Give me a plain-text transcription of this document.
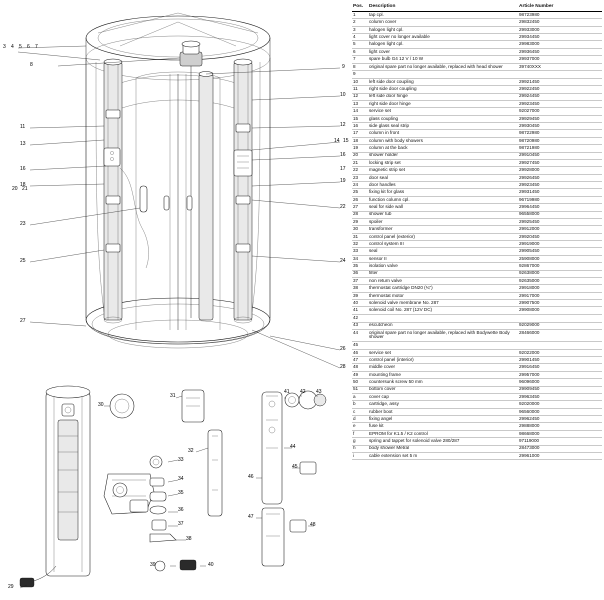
3 4 5 6 7
8
11
13
16
18
20 21
23
25
27
9
10
12
14 15
16
17
19
22
24
26
28
29
30
31
32
33
34
35
36
37
38
39	40
41 42 43
44
45
46
47
48
Pos.	Description	Article Number
1	tap cpl.	98723980
2	column cover	29832450
3	halogen light cpl.	29933000
4	light cover no longer available	29934450
5	halogen light cpl.	29983000
6	light cover	29936450
7	spare bulb G4 12 V / 10 W	29937000
8	original spare part no longer available, replaced with head shower	39740XXX
9		
10	left side door coupling	29921450
11	right side door coupling	29922450
12	left side door hinge	29924450
13	right side door hinge	29923450
14	service set	92027000
15	glass coupling	29929450
16	side glass seal strip	29930450
17	column in front	98722980
18	column with body showers	98720980
19	column at the back	98721980
20	shower holder	29910450
21	locking strip set	29927450
22	magnetic strip set	29928000
23	door seal	29926450
24	door handles	29923450
25	fixing kit for glass	29931450
26	function column cpl.	96719980
27	seal for side wall	29964450
28	shower tub	96558000
29	spoiler	29925450
30	transformer	29912000
31	control panel (exterior)	29920450
32	control system III	29919000
33	seal	29905450
34	sensor II	25908000
35	isolation valve	92867000
36	filter	92638000
37	non return valve	92635000
38	thermostat cartridge DN20 (¾")	29918000
39	thermostat motor	29917000
40	solenoid valve membrane No. 287	29907500
41	solenoid coil No. 287 (12V DC)	29908000
42		
43	escutcheon	92029000
44	original spare part no longer available, replaced with Bodywette Body shower	28466000
45		
46	service set	92022000
47	control panel (interior)	29901450
48	middle cover	29916450
49	mounting frame	29957000
50	countersunk screw 50 mm	96096000
51	bottom cover	29909450
a	cover cap	29963450
b	cartridge, assy	92020000
c	rubber boot	96560000
d	fixing angel	29962450
e	fuse kit	29888000
f	EPROM for K1.5 / K2 control	98668000
g	spring and tappet for solenoid valve 280/287	97119000
h	body shower Metral	28473000
i	cable extension set 5 m	29961000
